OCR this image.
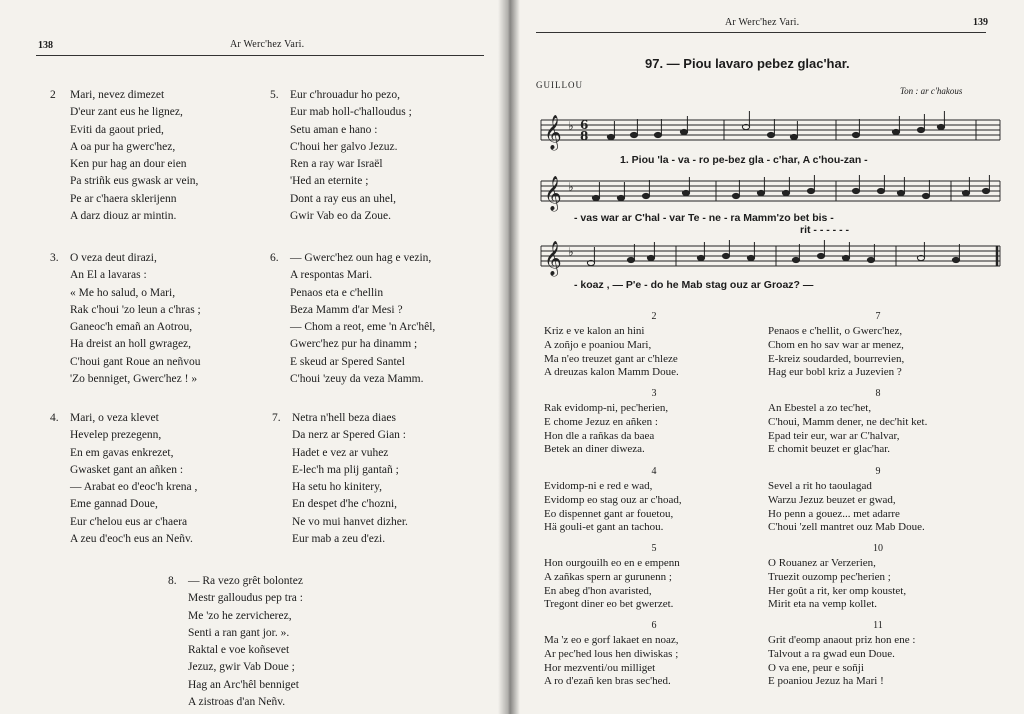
138	Ar Werc'hez Vari.
2 Mari, nevez dimezet
D'eur zant eus he lignez,
Eviti da gaout pried,
A oa pur ha gwerc'hez,
Ken pur hag an dour eien
Pa striñk eus gwask ar vein,
Pe ar c'haera sklerijenn
A darz diouz ar mintin.
3. O veza deut dirazi,
An El a lavaras :
« Me ho salud, o Mari,
Rak c'houi 'zo leun a c'hras ;
Ganeoc'h emañ an Aotrou,
Ha dreist an holl gwragez,
C'houi gant Roue an neñvou
'Zo benniget, Gwerc'hez ! »
4. Mari, o veza klevet
Hevelep prezegenn,
En em gavas enkrezet,
Gwasket gant an añken :
— Arabat eo d'eoc'h krena ,
Eme gannad Doue,
Eur c'helou eus ar c'haera
A zeu d'eoc'h eus an Neñv.
5. Eur c'hrouadur ho pezo,
Eur mab holl-c'halloudus ;
Setu aman e hano :
C'houi her galvo Jezuz.
Ren a ray war Israël
'Hed an eternite ;
Dont a ray eus an uhel,
Gwir Vab eo da Zoue.
6. — Gwerc'hez oun hag e vezin,
A respontas Mari.
Penaos eta e c'hellin
Beza Mamm d'ar Mesi ?
— Chom a reot, eme 'n Arc'hêl,
Gwerc'hez pur ha dinamm ;
E skeud ar Spered Santel
C'houi 'zeuy da veza Mamm.
7. Netra n'hell beza diaes
Da nerz ar Spered Gian :
Hadet e vez ar vuhez
E-lec'h ma plij gantañ ;
Ha setu ho kinitery,
En despet d'he c'hozni,
Ne vo mui hanvet dizher.
Eur mab a zeu d'ezi.
8. — Ra vezo grêt bolontez
Mestr galloudus pep tra :
Me 'zo he zervicherez,
Senti a ran gant jor. ».
Raktal e voe koñsevet
Jezuz, gwir Vab Doue ;
Hag an Arc'hêl benniget
A zistroas d'an Neñv.
Ar Werc'hez Vari.	139
97. — Piou lavaro pebez glac'har.
GUILLOU
Ton : ar c'hakous
𝄞
𝄞
𝄞
♭
♭
♭
6
8
1. Piou 'la - va - ro pe-bez gla - c'har, A c'hou-zan -
- vas war ar C'hal - var Te - ne - ra Mamm'zo bet bis -
rit - - - - - -
- koaz , — P'e - do he Mab stag ouz ar Groaz? —
2
Kriz e ve kalon an hini
A zoñjo e poaniou Mari,
Ma n'eo treuzet gant ar c'hleze
A dreuzas kalon Mamm Doue.
7
Penaos e c'hellit, o Gwerc'hez,
Chom en ho sav war ar menez,
E-kreiz soudarded, bourrevien,
Hag eur bobl kriz a Juzevien ?
3
Rak evidomp-ni, pec'herien,
E chome Jezuz en añken :
Hon dle a rañkas da baea
Betek an diner diweza.
8
An Ebestel a zo tec'het,
C'houi, Mamm dener, ne dec'hit ket.
Epad teir eur, war ar C'halvar,
E chomit beuzet er glac'har.
4
Evidomp-ni e red e wad,
Evidomp eo stag ouz ar c'hoad,
Eo dispennet gant ar fouetou,
Hä gouli-et gant an tachou.
9
Sevel a rit ho taoulagad
Warzu Jezuz beuzet er gwad,
Ho penn a gouez... met adarre
C'houi 'zell mantret ouz Mab Doue.
5
Hon ourgouilh eo en e empenn
A zañkas spern ar gurunenn ;
En abeg d'hon avaristed,
Tregont diner eo bet gwerzet.
10
O Rouanez ar Verzerien,
Truezit ouzomp pec'herien ;
Her goût a rit, ker omp koustet,
Mirit eta na vemp kollet.
6
Ma 'z eo e gorf lakaet en noaz,
Ar pec'hed lous hen diwiskas ;
Hor mezventi/ou milliget
A ro d'ezañ ken bras sec'hed.
11
Grit d'eomp anaout priz hon ene :
Talvout a ra gwad eun Doue.
O va ene, peur e soñji
E poaniou Jezuz ha Mari !
